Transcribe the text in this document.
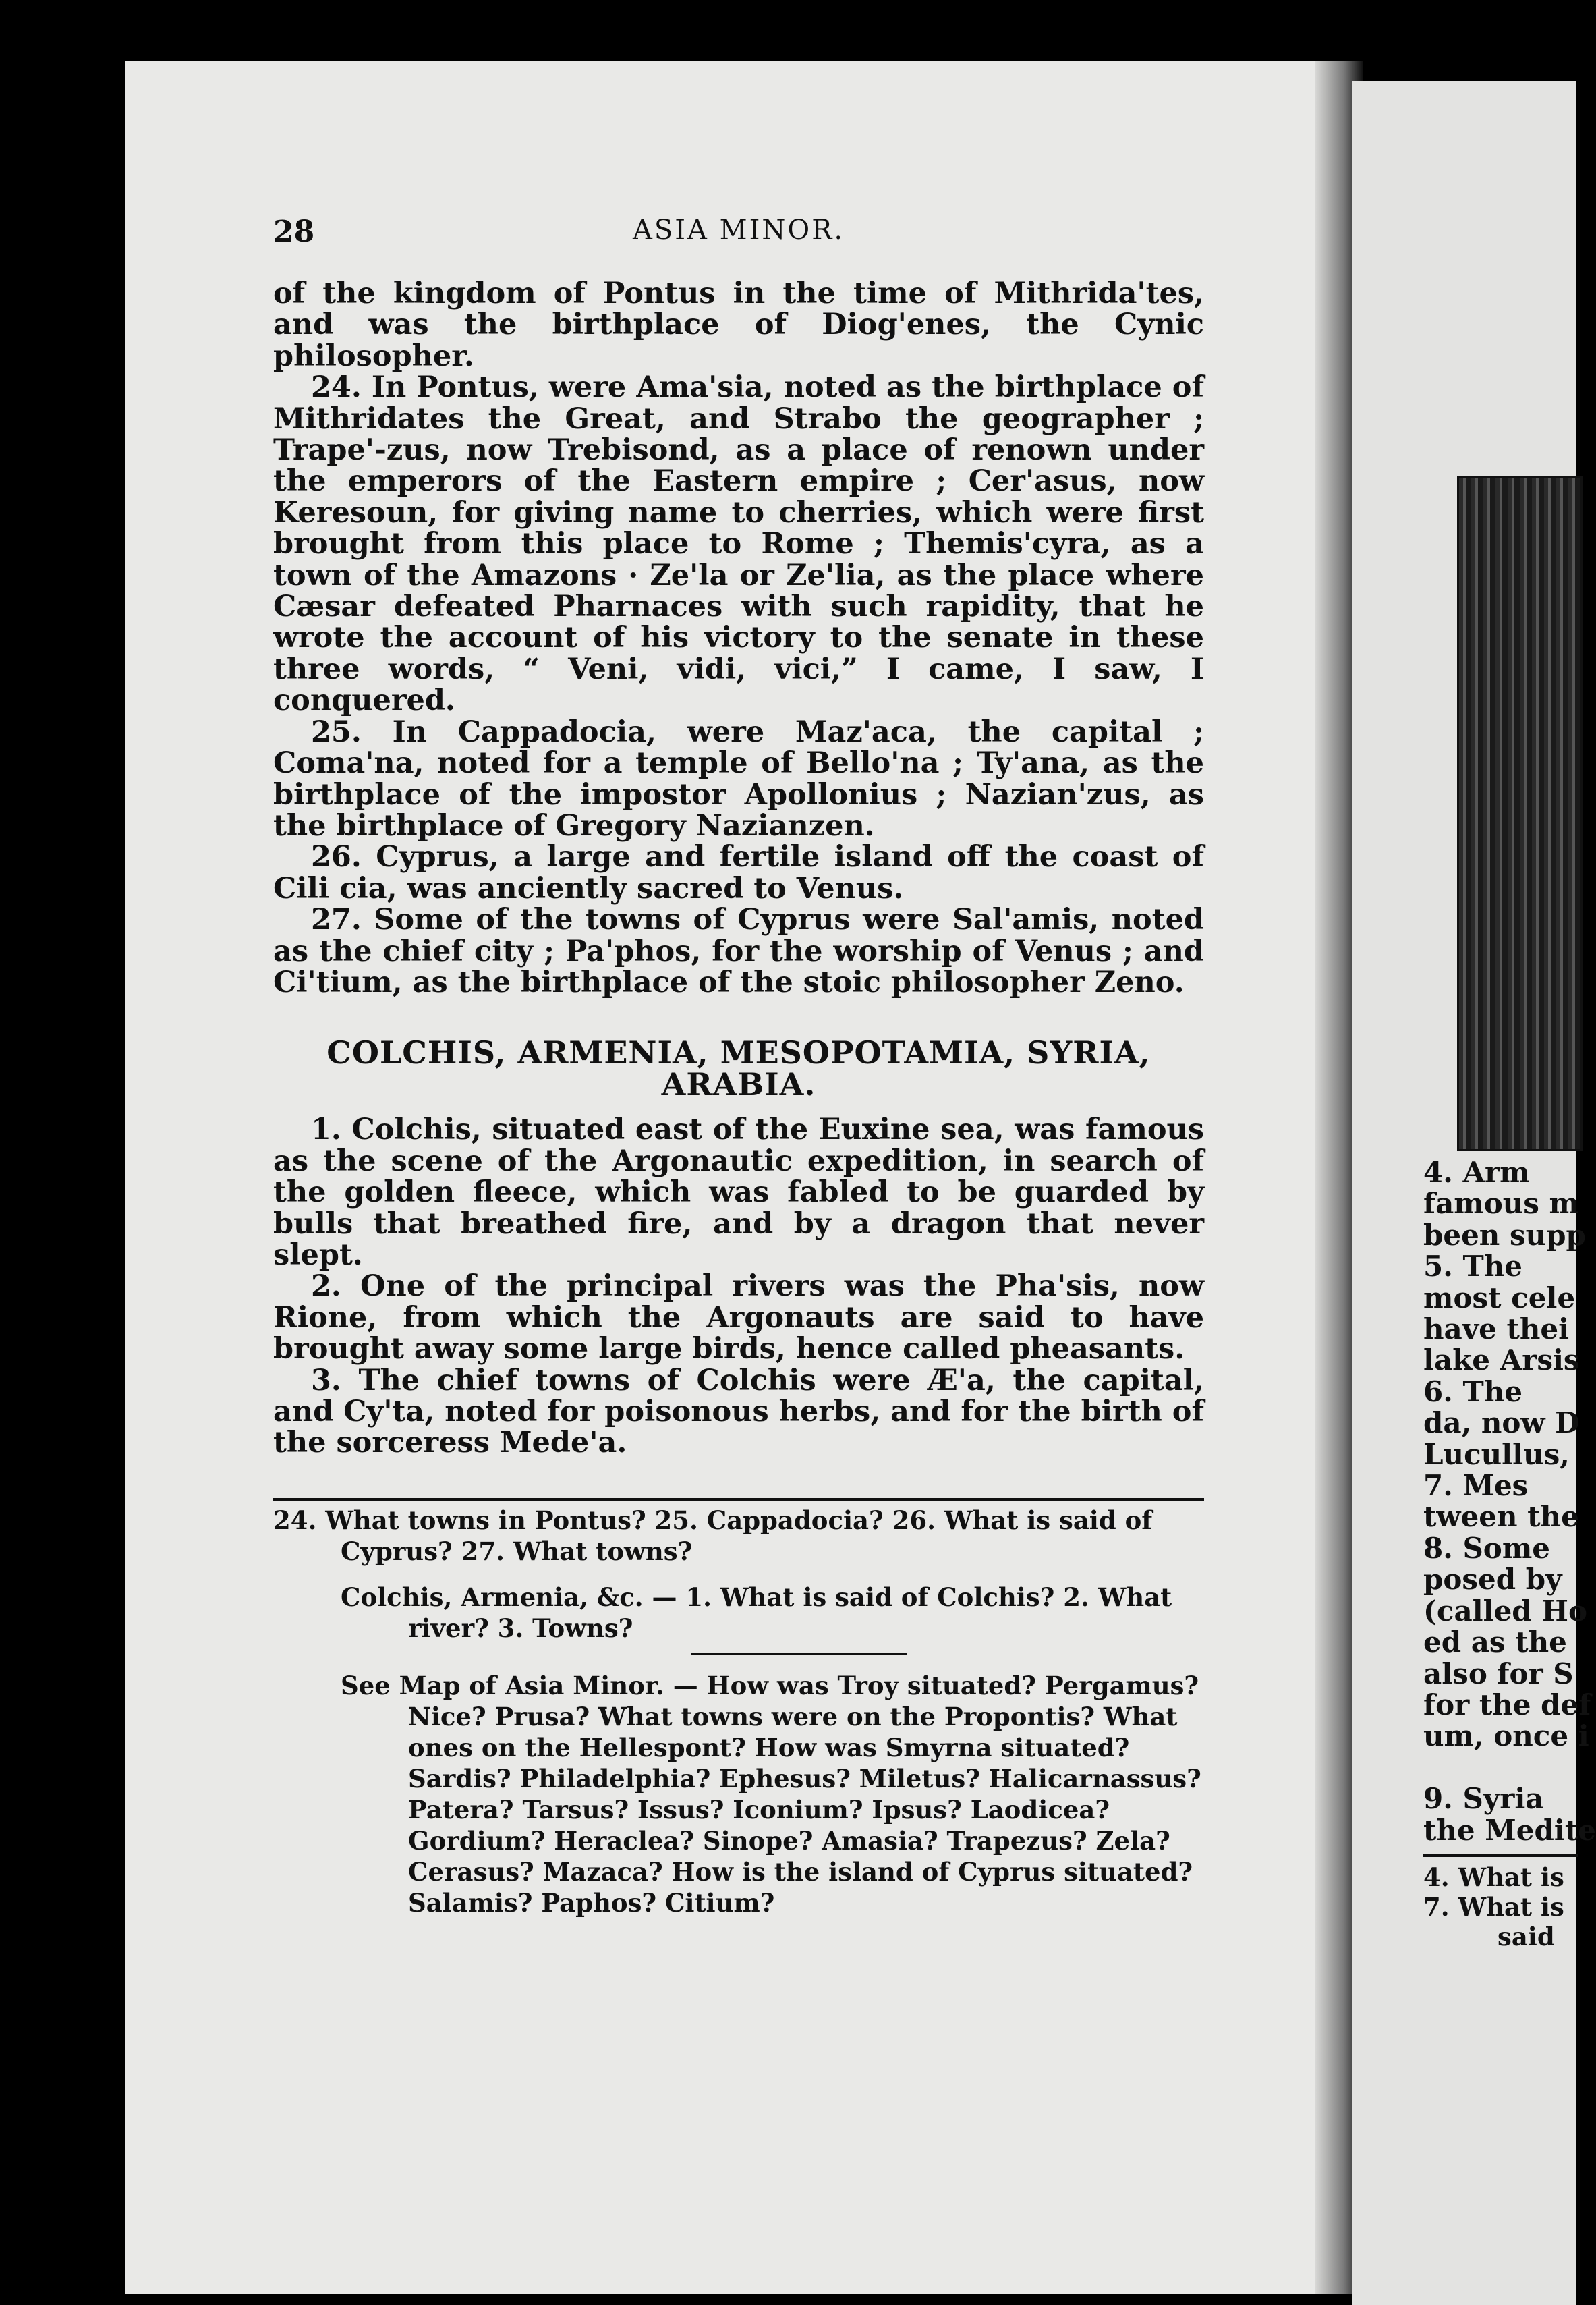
28	ASIA MINOR.

of the kingdom of Pontus in the time of Mithrida'tes, and was the birthplace of Diog'enes, the Cynic philosopher.

24. In Pontus, were Ama'sia, noted as the birthplace of Mithridates the Great, and Strabo the geographer ; Trape'-zus, now Trebisond, as a place of renown under the emperors of the Eastern empire ; Cer'asus, now Keresoun, for giving name to cherries, which were first brought from this place to Rome ; Themis'cyra, as a town of the Amazons · Ze'la or Ze'lia, as the place where Cæsar defeated Pharnaces with such rapidity, that he wrote the account of his victory to the senate in these three words, “ Veni, vidi, vici,” I came, I saw, I conquered.

25. In Cappadocia, were Maz'aca, the capital ; Coma'na, noted for a temple of Bello'na ; Ty'ana, as the birthplace of the impostor Apollonius ; Nazian'zus, as the birthplace of Gregory Nazianzen.

26. Cyprus, a large and fertile island off the coast of Cili cia, was anciently sacred to Venus.

27. Some of the towns of Cyprus were Sal'amis, noted as the chief city ; Pa'phos, for the worship of Venus ; and Ci'tium, as the birthplace of the stoic philosopher Zeno.

COLCHIS, ARMENIA, MESOPOTAMIA, SYRIA, ARABIA.

1. Colchis, situated east of the Euxine sea, was famous as the scene of the Argonautic expedition, in search of the golden fleece, which was fabled to be guarded by bulls that breathed fire, and by a dragon that never slept.

2. One of the principal rivers was the Pha'sis, now Rione, from which the Argonauts are said to have brought away some large birds, hence called pheasants.

3. The chief towns of Colchis were Æ'a, the capital, and Cy'ta, noted for poisonous herbs, and for the birth of the sorceress Mede'a.

24. What towns in Pontus? 25. Cappadocia? 26. What is said of Cyprus? 27. What towns?

Colchis, Armenia, &c. — 1. What is said of Colchis? 2. What river? 3. Towns?

See Map of Asia Minor. — How was Troy situated? Pergamus? Nice? Prusa? What towns were on the Propontis? What ones on the Hellespont? How was Smyrna situated? Sardis? Philadelphia? Ephesus? Miletus? Halicarnassus? Patera? Tarsus? Issus? Iconium? Ipsus? Laodicea? Gordium? Heraclea? Sinope? Amasia? Trapezus? Zela? Cerasus? Mazaca? How is the island of Cyprus situated? Salamis? Paphos? Citium?

4. Arm

famous m

been supp

5. The

most cele

have thei

lake Arsis

6. The

da, now D

Lucullus,

7. Mes

tween the

8. Some

posed by

(called Ho

ed as the

also for S

for the def

um, once i

9. Syria

the Medite

4. What is

7. What is

said
